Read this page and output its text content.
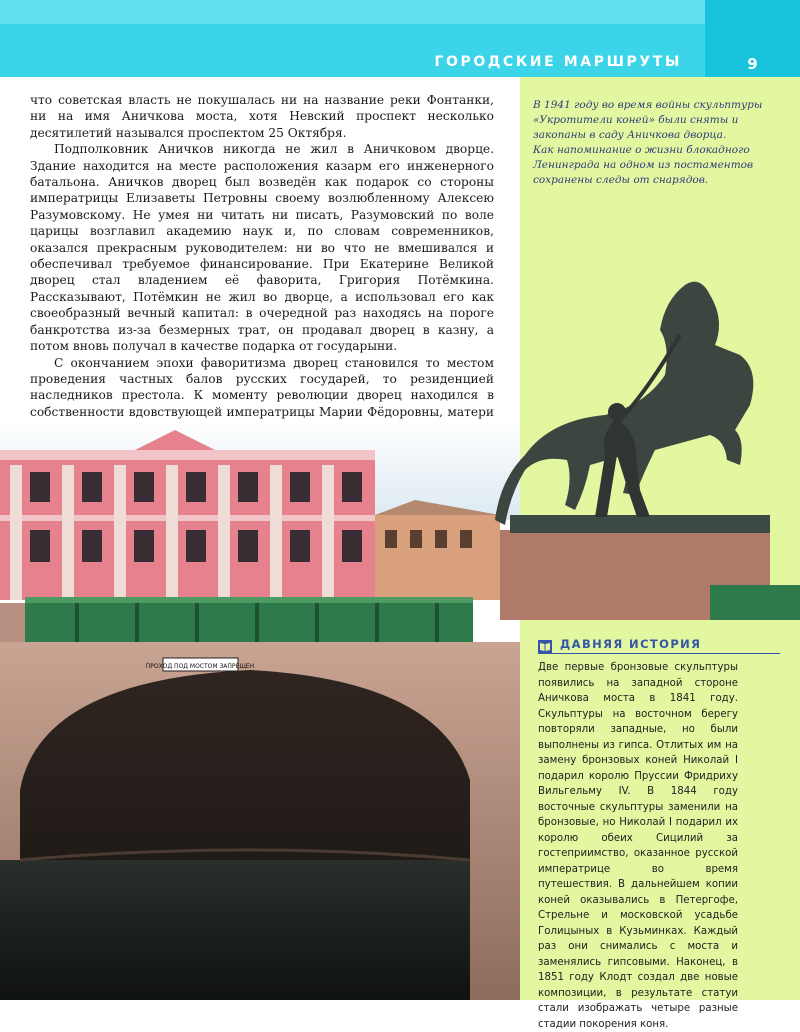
ГОРОДСКИЕ МАРШРУТЫ	9

что советская власть не покушалась ни на название реки Фонтанки, ни на имя Аничкова моста, хотя Невский проспект несколько десятилетий назывался проспектом 25 Октября.

Подполковник Аничков никогда не жил в Аничковом дворце. Здание находится на месте расположения казарм его инженерного батальона. Аничков дворец был возведён как подарок со стороны императрицы Елизаветы Петровны своему возлюбленному Алексею Разумовскому. Не умея ни читать ни писать, Разумовский по воле царицы возглавил академию наук и, по словам современников, оказался прекрасным руководителем: ни во что не вмешивался и обеспечивал требуемое финансирование. При Екатерине Великой дворец стал владением её фаворита, Григория Потёмкина. Рассказывают, Потёмкин не жил во дворце, а использовал его как своеобразный вечный капитал: в очередной раз находясь на пороге банкротства из-за безмерных трат, он продавал дворец в казну, а потом вновь получал в качестве подарка от государыни.

С окончанием эпохи фаворитизма дворец становился то местом проведения частных балов русских государей, то резиденцией наследников престола. К моменту революции дворец находился в собственности вдовствующей императрицы Марии Фёдоровны, матери

В 1941 году во время войны скульптуры «Укротители коней» были сняты и закопаны в саду Аничкова дворца.

Как напоминание о жизни блокадного Ленинграда на одном из постаментов сохранены следы от снарядов.

ПРОХОД ПОД МОСТОМ ЗАПРЕЩЕН
ДАВНЯЯ ИСТОРИЯ

Две первые бронзовые скульптуры появились на западной стороне Аничкова моста в 1841 году. Скульптуры на восточном берегу повторяли западные, но были выполнены из гипса. Отлитых им на замену бронзовых коней Николай I подарил королю Пруссии Фридриху Вильгельму IV. В 1844 году восточные скульптуры заменили на бронзовые, но Николай I подарил их королю обеих Сицилий за гостеприимство, оказанное русской императрице во время путешествия. В дальнейшем копии коней оказывались в Петергофе, Стрельне и московской усадьбе Голицыных в Кузьминках. Каждый раз они снимались с моста и заменялись гипсовыми. Наконец, в 1851 году Клодт создал две новые композиции, в результате статуи стали изображать четыре разные стадии покорения коня.
